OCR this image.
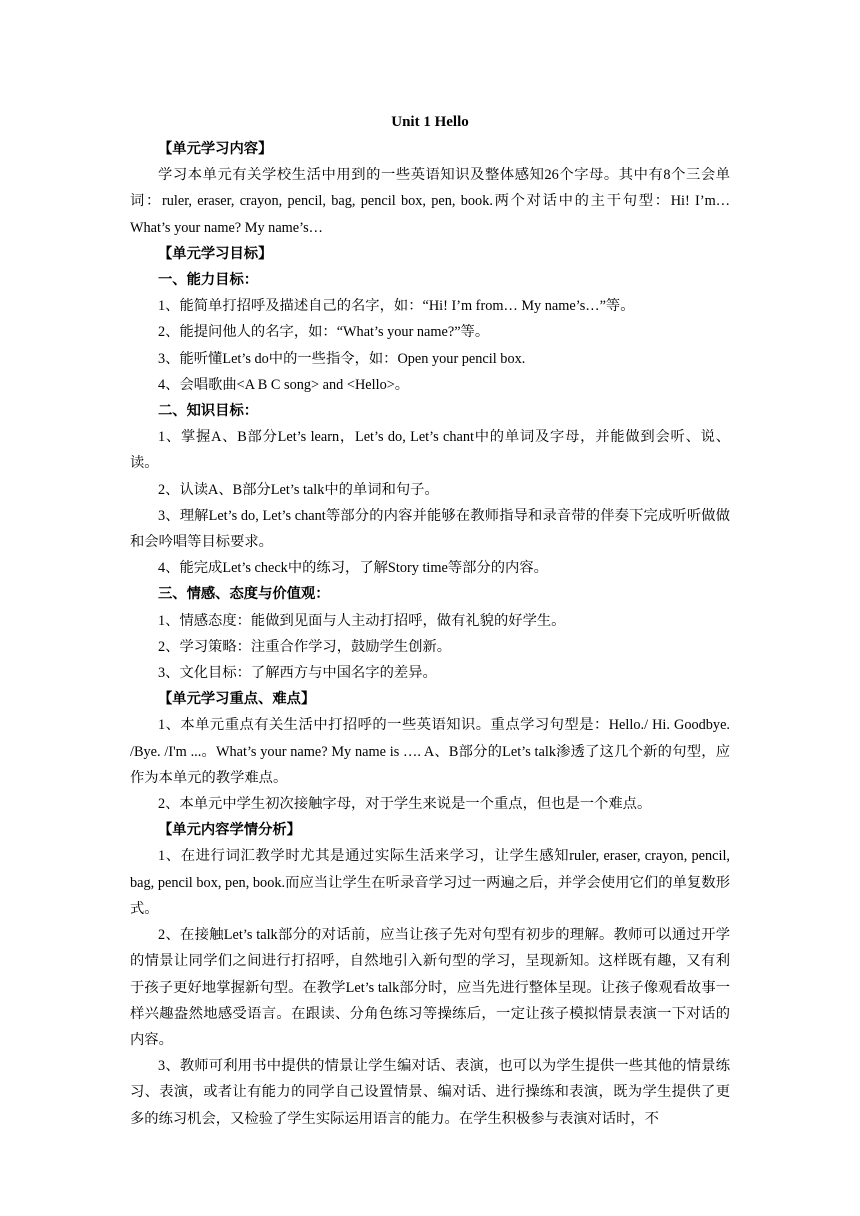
Unit 1 Hello

【单元学习内容】

学习本单元有关学校生活中用到的一些英语知识及整体感知26个字母。其中有8个三会单词：ruler, eraser, crayon, pencil, bag, pencil box, pen, book.两个对话中的主干句型：Hi! I’m… What’s your name? My name’s…

【单元学习目标】

一、能力目标：

1、能简单打招呼及描述自己的名字，如：“Hi! I’m from… My name’s…”等。

2、能提问他人的名字，如：“What’s your name?”等。

3、能听懂Let’s do中的一些指令，如：Open your pencil box.

4、会唱歌曲<A B C song> and <Hello>。

二、知识目标：

1、掌握A、B部分Let’s learn，Let’s do, Let’s chant中的单词及字母，并能做到会听、说、读。

2、认读A、B部分Let’s talk中的单词和句子。

3、理解Let’s do, Let’s chant等部分的内容并能够在教师指导和录音带的伴奏下完成听听做做和会吟唱等目标要求。

4、能完成Let’s check中的练习，了解Story time等部分的内容。

三、情感、态度与价值观：

1、情感态度：能做到见面与人主动打招呼，做有礼貌的好学生。

2、学习策略：注重合作学习，鼓励学生创新。

3、文化目标：了解西方与中国名字的差异。

【单元学习重点、难点】

1、本单元重点有关生活中打招呼的一些英语知识。重点学习句型是：Hello./ Hi. Goodbye. /Bye. /I'm ...。What’s your name? My name is …. A、B部分的Let’s talk渗透了这几个新的句型，应作为本单元的教学难点。

2、本单元中学生初次接触字母，对于学生来说是一个重点，但也是一个难点。

【单元内容学情分析】

1、在进行词汇教学时尤其是通过实际生活来学习，让学生感知ruler, eraser, crayon, pencil, bag, pencil box, pen, book.而应当让学生在听录音学习过一两遍之后，并学会使用它们的单复数形式。

2、在接触Let’s talk部分的对话前，应当让孩子先对句型有初步的理解。教师可以通过开学的情景让同学们之间进行打招呼，自然地引入新句型的学习，呈现新知。这样既有趣，又有利于孩子更好地掌握新句型。在教学Let’s talk部分时，应当先进行整体呈现。让孩子像观看故事一样兴趣盎然地感受语言。在跟读、分角色练习等操练后，一定让孩子模拟情景表演一下对话的内容。

3、教师可利用书中提供的情景让学生编对话、表演，也可以为学生提供一些其他的情景练习、表演，或者让有能力的同学自己设置情景、编对话、进行操练和表演，既为学生提供了更多的练习机会，又检验了学生实际运用语言的能力。在学生积极参与表演对话时，不
